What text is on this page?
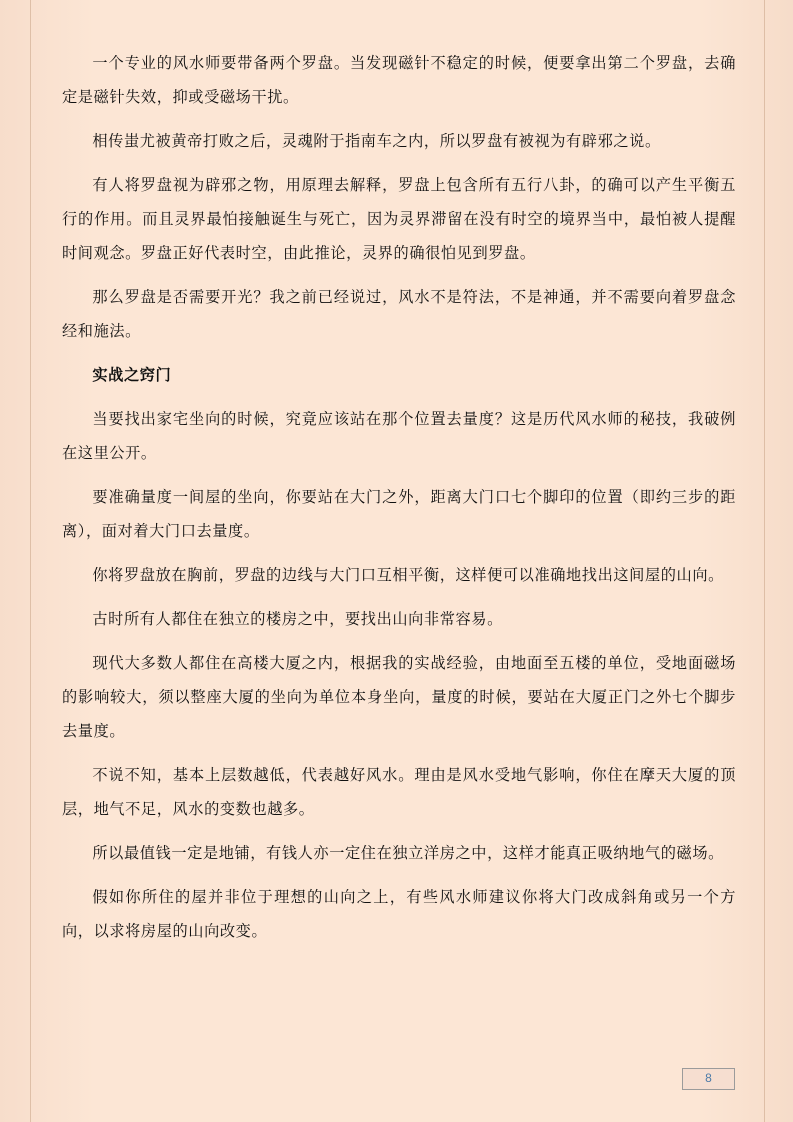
一个专业的风水师要带备两个罗盘。当发现磁针不稳定的时候，便要拿出第二个罗盘，去确定是磁针失效，抑或受磁场干扰。

相传蚩尤被黄帝打败之后，灵魂附于指南车之内，所以罗盘有被视为有辟邪之说。

有人将罗盘视为辟邪之物，用原理去解释，罗盘上包含所有五行八卦，的确可以产生平衡五行的作用。而且灵界最怕接触诞生与死亡，因为灵界滞留在没有时空的境界当中，最怕被人提醒时间观念。罗盘正好代表时空，由此推论，灵界的确很怕见到罗盘。

那么罗盘是否需要开光？我之前已经说过，风水不是符法，不是神通，并不需要向着罗盘念经和施法。

实战之窍门

当要找出家宅坐向的时候，究竟应该站在那个位置去量度？这是历代风水师的秘技，我破例在这里公开。

要准确量度一间屋的坐向，你要站在大门之外，距离大门口七个脚印的位置（即约三步的距离），面对着大门口去量度。

你将罗盘放在胸前，罗盘的边线与大门口互相平衡，这样便可以准确地找出这间屋的山向。

古时所有人都住在独立的楼房之中，要找出山向非常容易。

现代大多数人都住在高楼大厦之内，根据我的实战经验，由地面至五楼的单位，受地面磁场的影响较大，须以整座大厦的坐向为单位本身坐向，量度的时候，要站在大厦正门之外七个脚步去量度。

不说不知，基本上层数越低，代表越好风水。理由是风水受地气影响，你住在摩天大厦的顶层，地气不足，风水的变数也越多。

所以最值钱一定是地铺，有钱人亦一定住在独立洋房之中，这样才能真正吸纳地气的磁场。

假如你所住的屋并非位于理想的山向之上，有些风水师建议你将大门改成斜角或另一个方向，以求将房屋的山向改变。

8
